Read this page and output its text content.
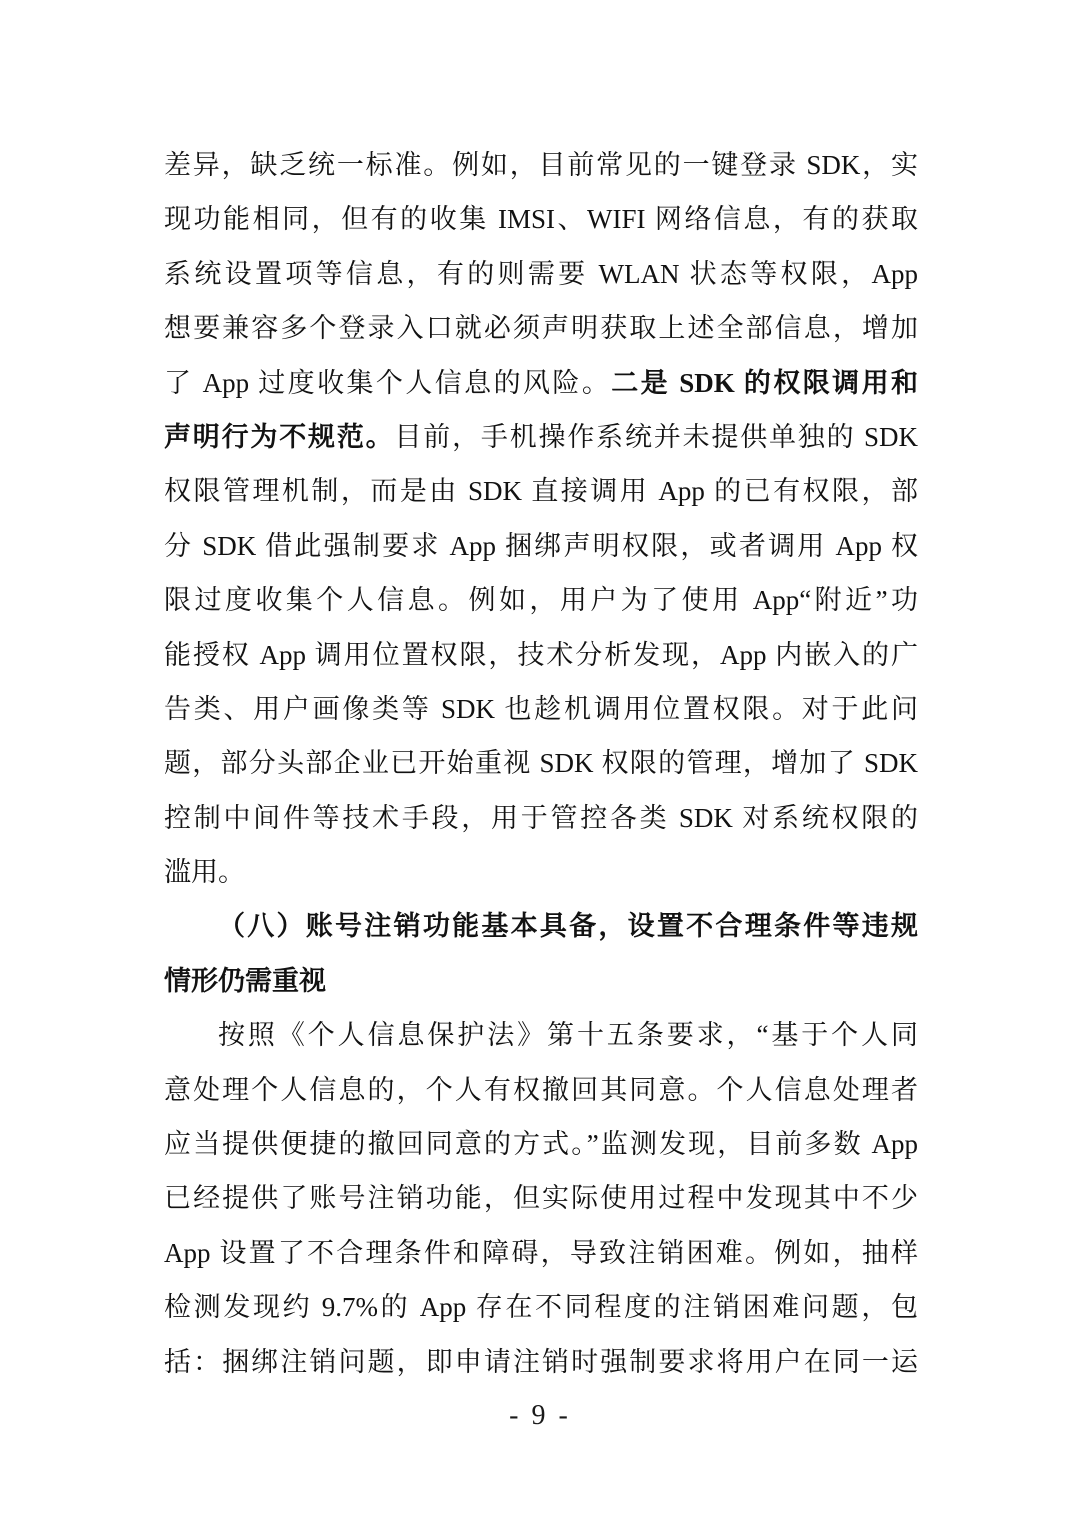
差异，缺乏统一标准。例如，目前常见的一键登录 SDK，实
现功能相同，但有的收集 IMSI、WIFI 网络信息，有的获取
系统设置项等信息，有的则需要 WLAN 状态等权限，App
想要兼容多个登录入口就必须声明获取上述全部信息，增加
了 App 过度收集个人信息的风险。二是 SDK 的权限调用和
声明行为不规范。目前，手机操作系统并未提供单独的 SDK
权限管理机制，而是由 SDK 直接调用 App 的已有权限，部
分 SDK 借此强制要求 App 捆绑声明权限，或者调用 App 权
限过度收集个人信息。例如，用户为了使用 App“附近”功
能授权 App 调用位置权限，技术分析发现，App 内嵌入的广
告类、用户画像类等 SDK 也趁机调用位置权限。对于此问
题，部分头部企业已开始重视 SDK 权限的管理，增加了 SDK
控制中间件等技术手段，用于管控各类 SDK 对系统权限的
滥用。
（八）账号注销功能基本具备，设置不合理条件等违规
情形仍需重视
按照《个人信息保护法》第十五条要求，“基于个人同
意处理个人信息的，个人有权撤回其同意。个人信息处理者
应当提供便捷的撤回同意的方式。”监测发现，目前多数 App
已经提供了账号注销功能，但实际使用过程中发现其中不少
App 设置了不合理条件和障碍，导致注销困难。例如，抽样
检测发现约 9.7%的 App 存在不同程度的注销困难问题，包
括：捆绑注销问题，即申请注销时强制要求将用户在同一运
- 9 -
